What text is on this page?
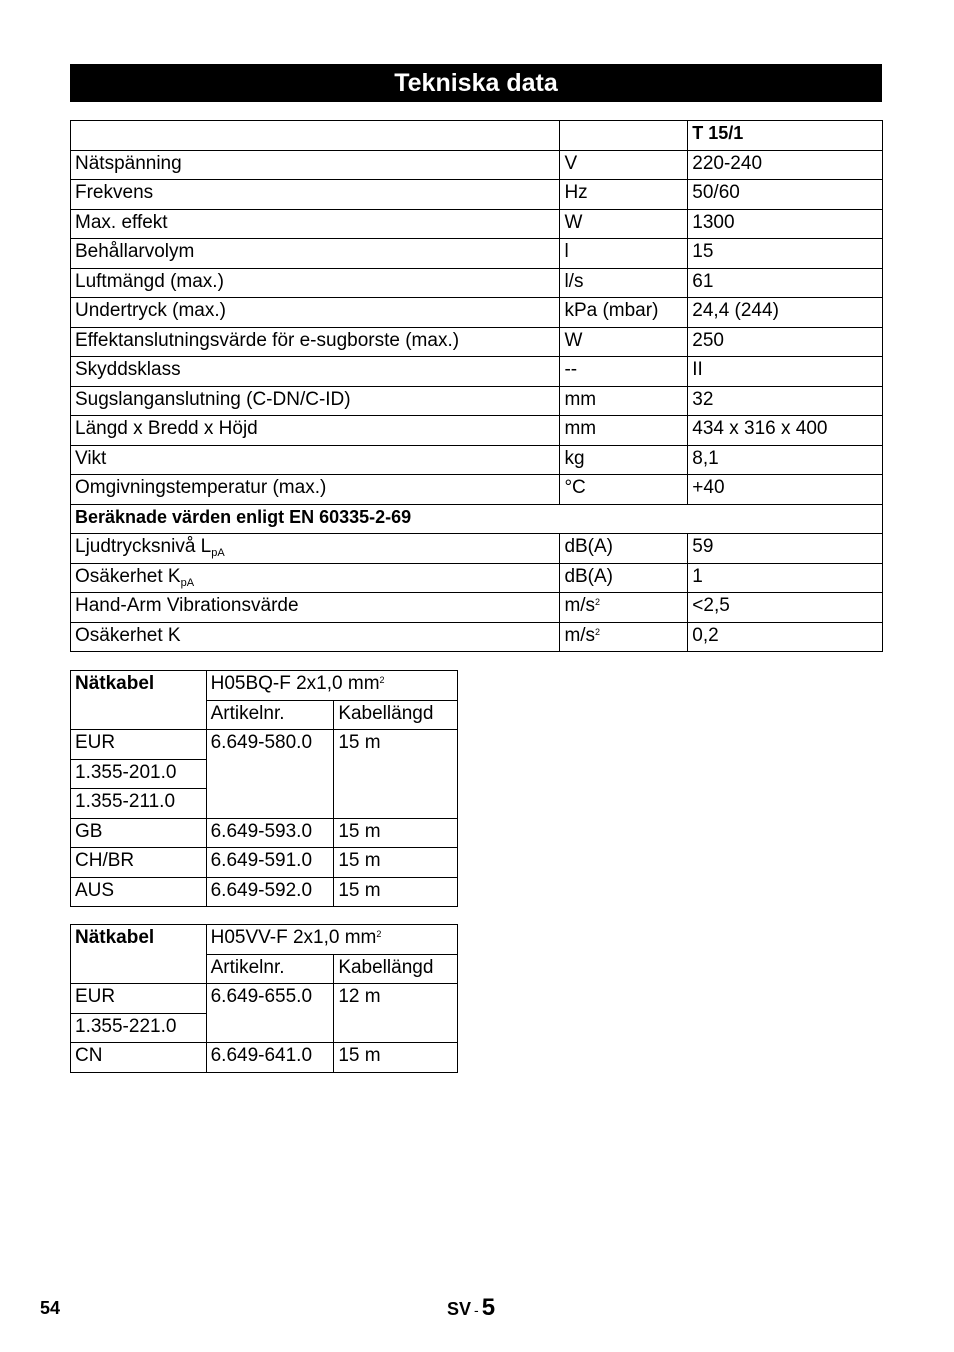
Tekniska data
		T 15/1
Nätspänning	V	220-240
Frekvens	Hz	50/60
Max. effekt	W	1300
Behållarvolym	l	15
Luftmängd (max.)	l/s	61
Undertryck (max.)	kPa (mbar)	24,4 (244)
Effektanslutningsvärde för e-sugborste (max.)	W	250
Skyddsklass	--	II
Sugslanganslutning (C-DN/C-ID)	mm	32
Längd x Bredd x Höjd	mm	434 x 316 x 400
Vikt	kg	8,1
Omgivningstemperatur (max.)	°C	+40
Beräknade värden enligt EN 60335-2-69		
Ljudtrycksnivå $L_{pA}$	dB(A)	59
Osäkerhet $K_{pA}$	dB(A)	1
Hand-Arm Vibrationsvärde	$m/s^2$	<2,5
Osäkerhet K	$m/s^2$	0,2
Nätkabel	H05BQ-F 2x1,0 $mm^2$
	Artikelnr.	Kabellängd
EUR	6.649-580.0	15 m
1.355-201.0		
1.355-211.0		
GB	6.649-593.0	15 m
CH/BR	6.649-591.0	15 m
AUS	6.649-592.0	15 m
Nätkabel	H05VV-F 2x1,0 $mm^2$
	Artikelnr.	Kabellängd
EUR	6.649-655.0	12 m
1.355-221.0		
CN	6.649-641.0	15 m
54	SV - 5
